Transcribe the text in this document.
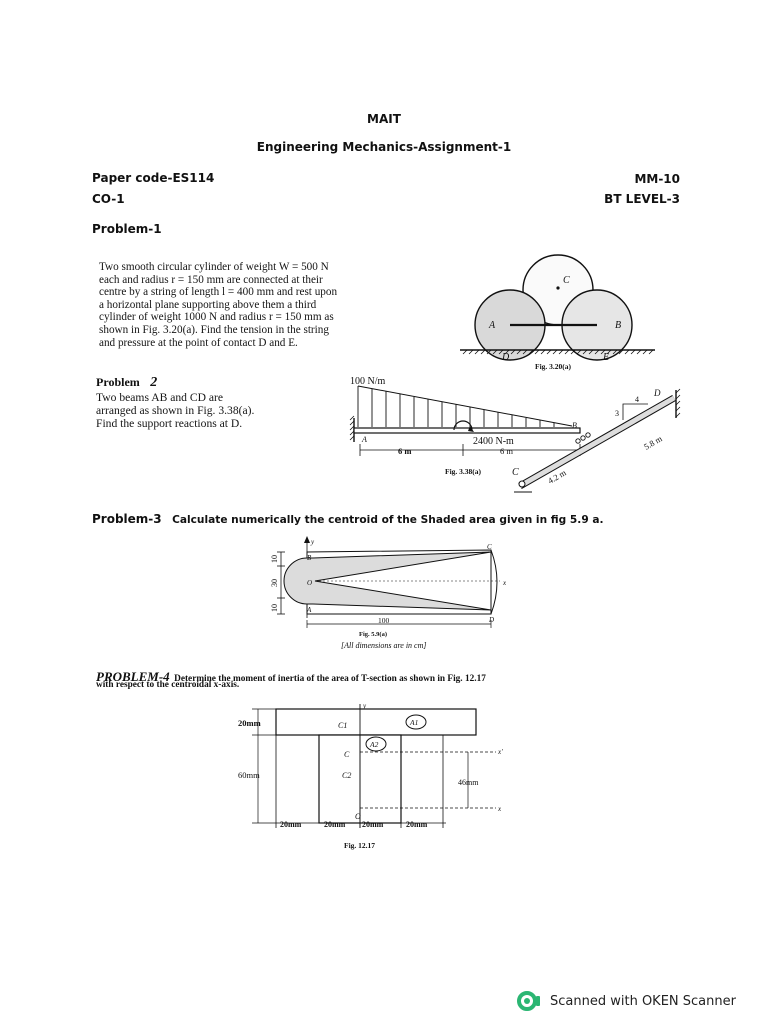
MAIT
Engineering Mechanics-Assignment-1
Paper code-ES114
CO-1
MM-10
BT LEVEL-3
Problem-1
Two smooth circular cylinder of weight W = 500 N
each and radius r = 150 mm are connected at their
centre by a string of length l = 400 mm and rest upon
a horizontal plane supporting above them a third
cylinder of weight 1000 N and radius r = 150 mm as
shown in Fig. 3.20(a). Find the tension in the string
and pressure at the point of contact D and E.
C
A	B
D	E
Fig. 3.20(a)
Problem 2
Two beams AB and CD are
arranged as shown in Fig. 3.38(a).
Find the support reactions at D.
100 N/m
A
B
C
D
2400 N-m
6 m	6 m
4
3
5.8 m
4.2 m
Fig. 3.38(a)
Problem-3 Calculate numerically the centroid of the Shaded area given in fig 5.9 a.
10
30
10
y
x
B
C
O
A
D
100
Fig. 5.9(a)
[All dimensions are in cm]
PROBLEM-4 Determine the moment of inertia of the area of T-section as shown in Fig. 12.17
with respect to the centroidal x-axis.
20mm
60mm
46mm
C1
C2
C
O
A1
A2
y
x'
x
20mm	20mm 20mm	20mm
Fig. 12.17
Scanned with OKEN Scanner
